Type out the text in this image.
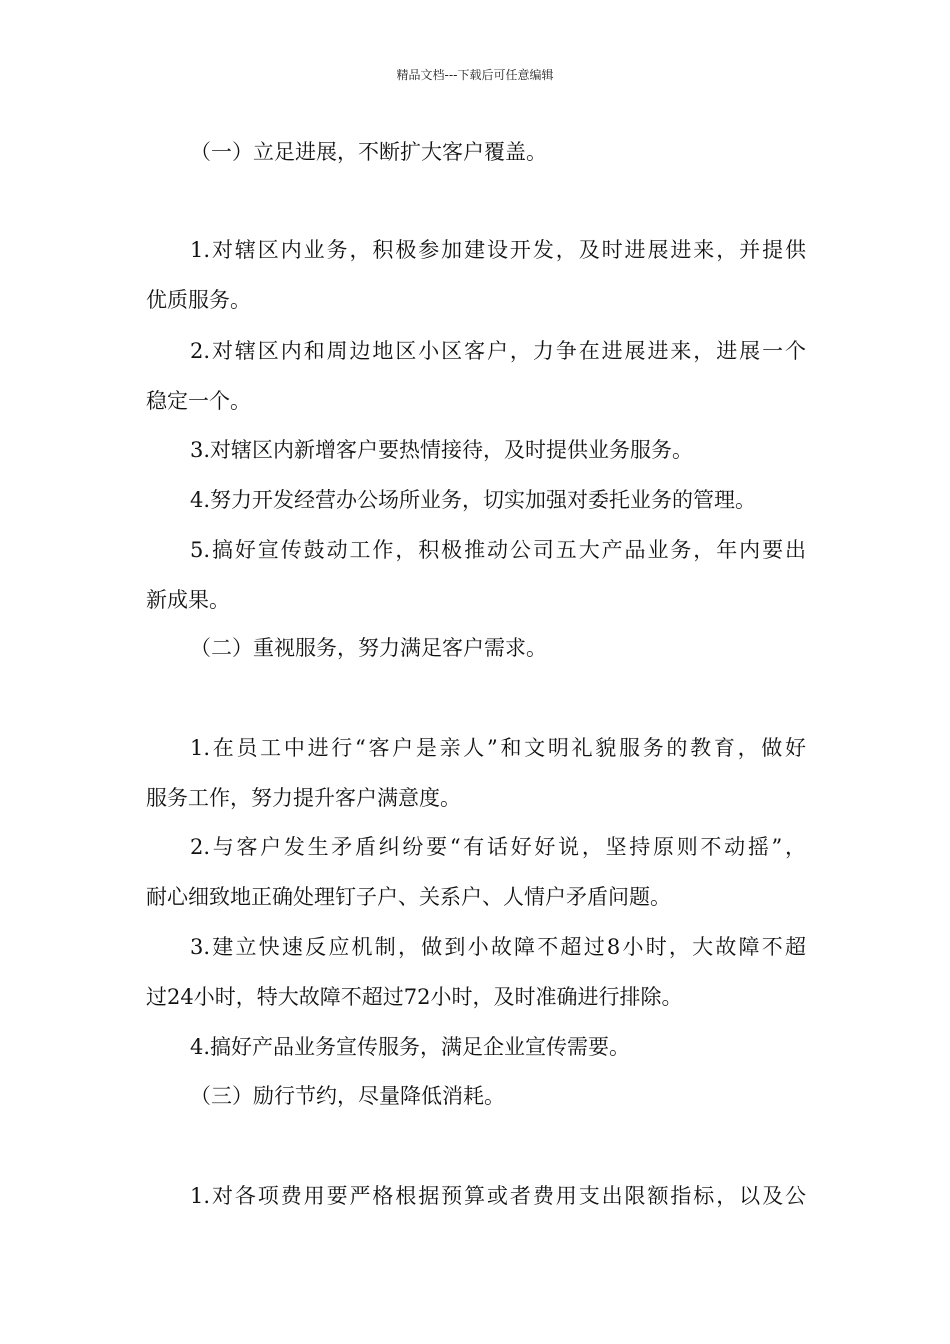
精品文档---下载后可任意编辑
（一）立足进展，不断扩大客户覆盖。
1.对辖区内业务，积极参加建设开发，及时进展进来，并提供
优质服务。
2.对辖区内和周边地区小区客户，力争在进展进来，进展一个
稳定一个。
3.对辖区内新增客户要热情接待，及时提供业务服务。
4.努力开发经营办公场所业务，切实加强对委托业务的管理。
5.搞好宣传鼓动工作，积极推动公司五大产品业务，年内要出
新成果。
（二）重视服务，努力满足客户需求。
1.在员工中进行“客户是亲人”和文明礼貌服务的教育，做好
服务工作，努力提升客户满意度。
2.与客户发生矛盾纠纷要“有话好好说，坚持原则不动摇”，
耐心细致地正确处理钉子户、关系户、人情户矛盾问题。
3.建立快速反应机制，做到小故障不超过8小时，大故障不超
过24小时，特大故障不超过72小时，及时准确进行排除。
4.搞好产品业务宣传服务，满足企业宣传需要。
（三）励行节约，尽量降低消耗。
1.对各项费用要严格根据预算或者费用支出限额指标，以及公
